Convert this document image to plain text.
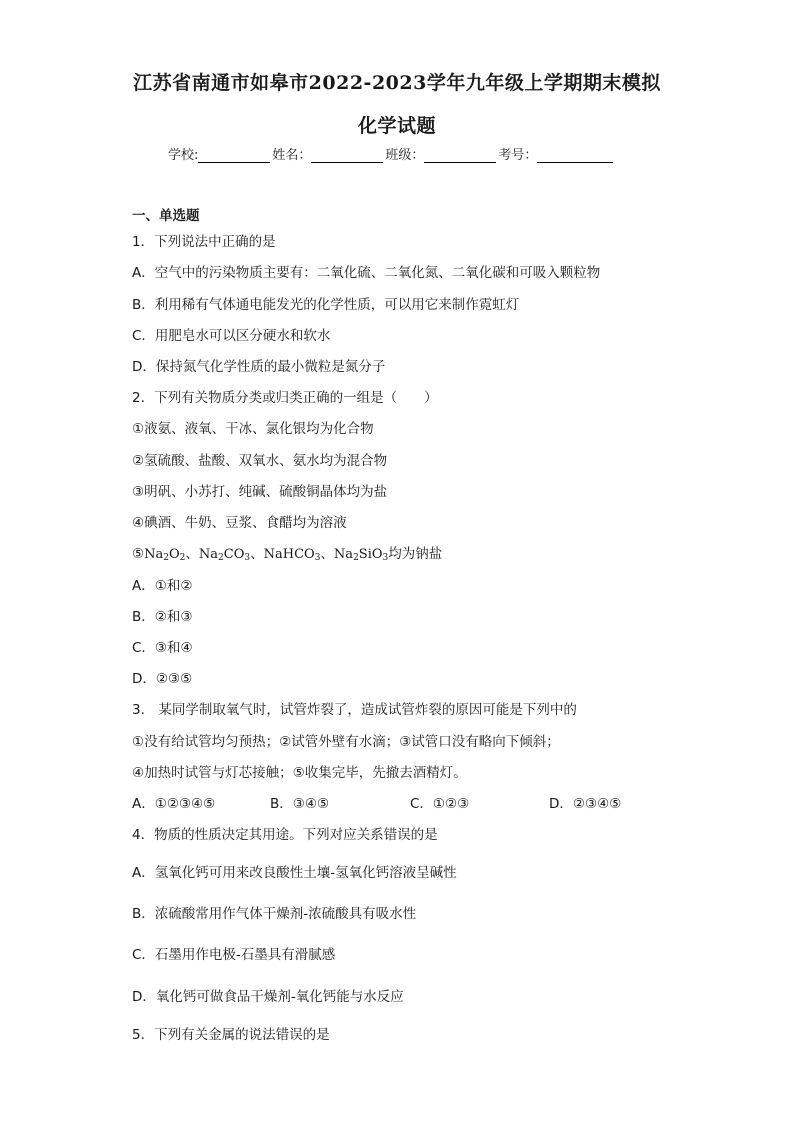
江苏省南通市如皋市2022-2023学年九年级上学期期末模拟
化学试题
学校:	姓名：	班级：	考号：
一、单选题
1．下列说法中正确的是
A．空气中的污染物质主要有：二氧化硫、二氧化氮、二氧化碳和可吸入颗粒物
B．利用稀有气体通电能发光的化学性质，可以用它来制作霓虹灯
C．用肥皂水可以区分硬水和软水
D．保持氮气化学性质的最小微粒是氮分子
2．下列有关物质分类或归类正确的一组是（　　）
①液氨、液氧、干冰、氯化银均为化合物
②氢硫酸、盐酸、双氧水、氨水均为混合物
③明矾、小苏打、纯碱、硫酸铜晶体均为盐
④碘酒、牛奶、豆浆、食醋均为溶液
$⑤Na_2O_2$、$Na_2CO_3$、NaHCO$_3$、$Na_2SiO_3$均为钠盐
A．①和②
B．②和③
C．③和④
D．②③⑤
3． 某同学制取氧气时，试管炸裂了，造成试管炸裂的原因可能是下列中的
①没有给试管均匀预热；②试管外壁有水滴；③试管口没有略向下倾斜；
④加热时试管与灯芯接触；⑤收集完毕，先撤去酒精灯。
A．①②③④⑤	B．③④⑤	C．①②③	D．②③④⑤
4．物质的性质决定其用途。下列对应关系错误的是
A．氢氧化钙可用来改良酸性土壤-氢氧化钙溶液呈碱性
B．浓硫酸常用作气体干燥剂-浓硫酸具有吸水性
C．石墨用作电极-石墨具有滑腻感
D．氧化钙可做食品干燥剂-氧化钙能与水反应
5．下列有关金属的说法错误的是
